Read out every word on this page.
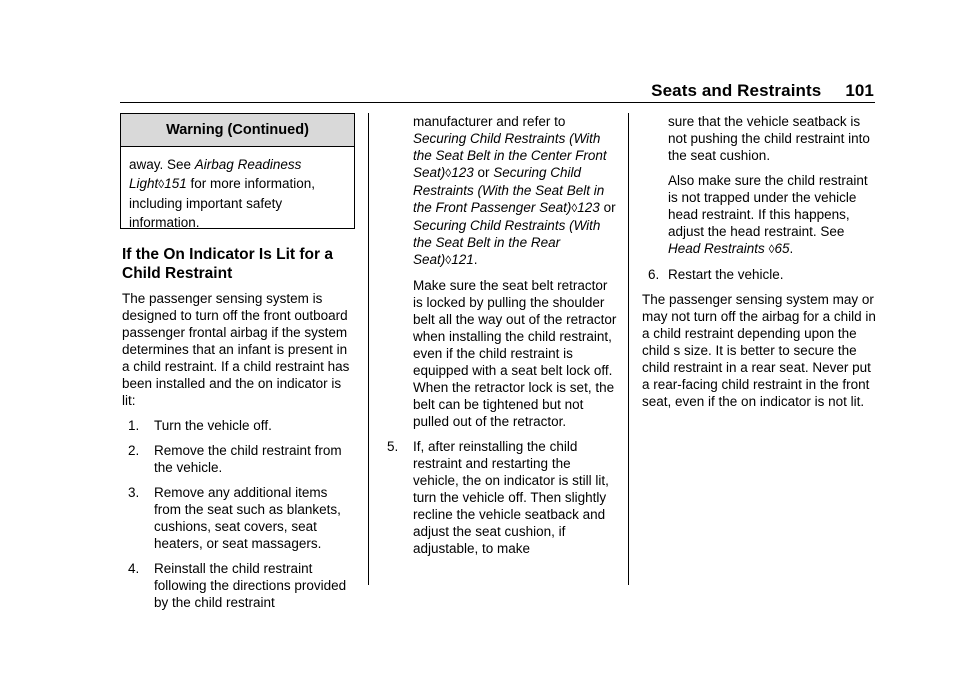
Seats and Restraints 101
Warning (Continued)
away. See Airbag Readiness Light◊151 for more information, including important safety information.
If the On Indicator Is Lit for a Child Restraint

The passenger sensing system is designed to turn off the front outboard passenger frontal airbag if the system determines that an infant is present in a child restraint. If a child restraint has been installed and the on indicator is lit:

1.	Turn the vehicle off.
2.	Remove the child restraint from the vehicle.
3.	Remove any additional items from the seat such as blankets, cushions, seat covers, seat heaters, or seat massagers.
4.	Reinstall the child restraint following the directions provided by the child restraint

manufacturer and refer to Securing Child Restraints (With the Seat Belt in the Center Front Seat)◊123 or Securing Child Restraints (With the Seat Belt in the Front Passenger Seat)◊123 or Securing Child Restraints (With the Seat Belt in the Rear Seat)◊121.

Make sure the seat belt retractor is locked by pulling the shoulder belt all the way out of the retractor when installing the child restraint, even if the child restraint is equipped with a seat belt lock off. When the retractor lock is set, the belt can be tightened but not pulled out of the retractor.

5.	If, after reinstalling the child restraint and restarting the vehicle, the on indicator is still lit, turn the vehicle off. Then slightly recline the vehicle seatback and adjust the seat cushion, if adjustable, to make

sure that the vehicle seatback is not pushing the child restraint into the seat cushion.

Also make sure the child restraint is not trapped under the vehicle head restraint. If this happens, adjust the head restraint. See Head Restraints ◊65.

6. Restart the vehicle.

The passenger sensing system may or may not turn off the airbag for a child in a child restraint depending upon the child s size. It is better to secure the child restraint in a rear seat. Never put a rear-facing child restraint in the front seat, even if the on indicator is not lit.
